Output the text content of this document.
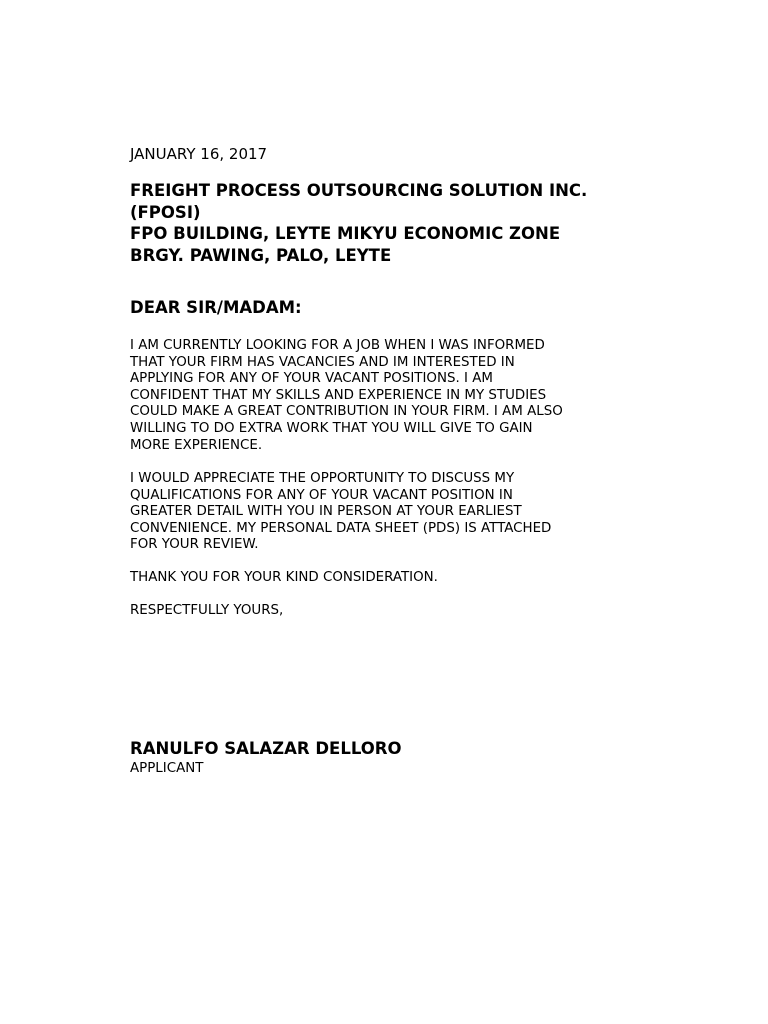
JANUARY 16, 2017
FREIGHT PROCESS OUTSOURCING SOLUTION INC.
(FPOSI)
FPO BUILDING, LEYTE MIKYU ECONOMIC ZONE
BRGY. PAWING, PALO, LEYTE
DEAR SIR/MADAM:
I AM CURRENTLY LOOKING FOR A JOB WHEN I WAS INFORMED
THAT YOUR FIRM HAS VACANCIES AND IM INTERESTED IN
APPLYING FOR ANY OF YOUR VACANT POSITIONS. I AM
CONFIDENT THAT MY SKILLS AND EXPERIENCE IN MY STUDIES
COULD MAKE A GREAT CONTRIBUTION IN YOUR FIRM. I AM ALSO
WILLING TO DO EXTRA WORK THAT YOU WILL GIVE TO GAIN
MORE EXPERIENCE.
I WOULD APPRECIATE THE OPPORTUNITY TO DISCUSS MY
QUALIFICATIONS FOR ANY OF YOUR VACANT POSITION IN
GREATER DETAIL WITH YOU IN PERSON AT YOUR EARLIEST
CONVENIENCE. MY PERSONAL DATA SHEET (PDS) IS ATTACHED
FOR YOUR REVIEW.
THANK YOU FOR YOUR KIND CONSIDERATION.
RESPECTFULLY YOURS,
RANULFO SALAZAR DELLORO
APPLICANT
